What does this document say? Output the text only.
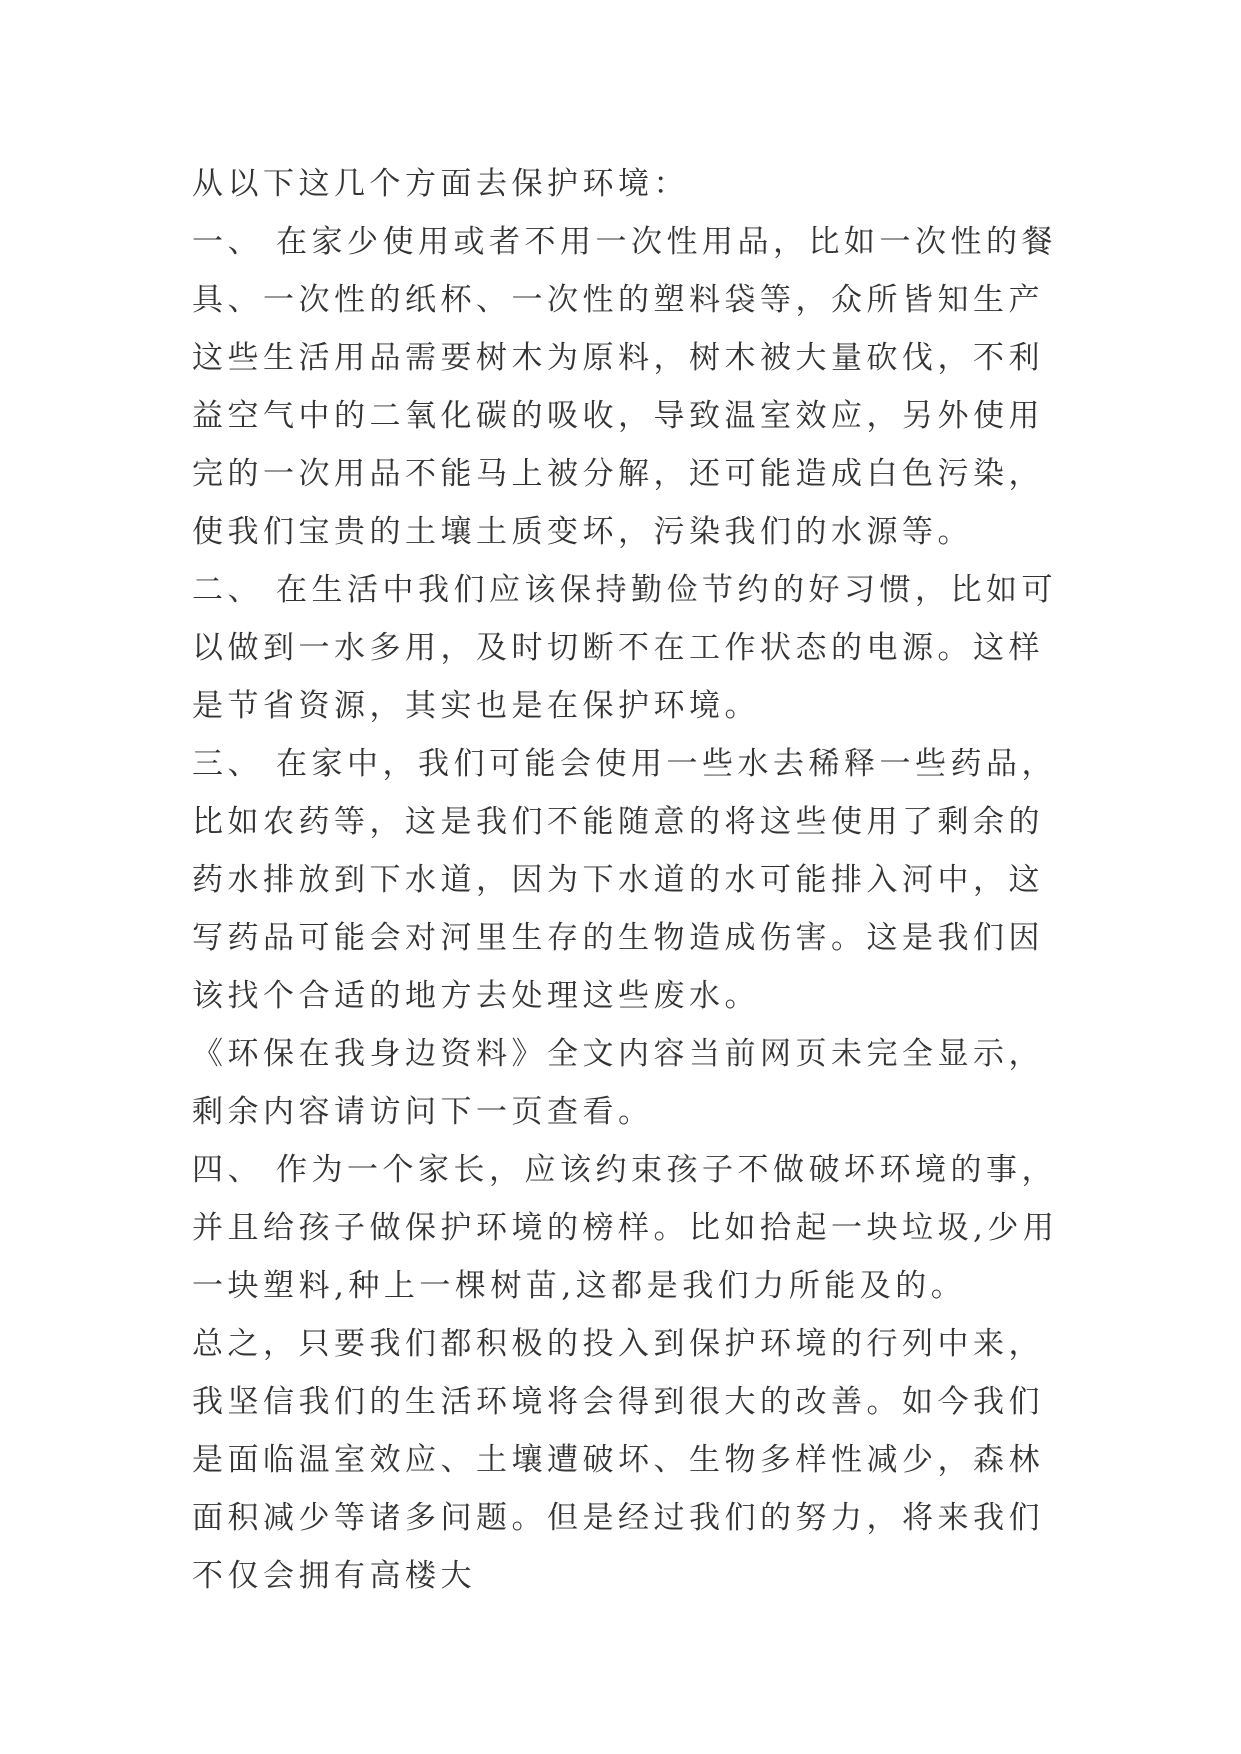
从以下这几个方面去保护环境：

一、 在家少使用或者不用一次性用品，比如一次性的餐具、一次性的纸杯、一次性的塑料袋等，众所皆知生产这些生活用品需要树木为原料，树木被大量砍伐，不利益空气中的二氧化碳的吸收，导致温室效应，另外使用完的一次用品不能马上被分解，还可能造成白色污染，使我们宝贵的土壤土质变坏，污染我们的水源等。

二、 在生活中我们应该保持勤俭节约的好习惯，比如可以做到一水多用，及时切断不在工作状态的电源。这样是节省资源，其实也是在保护环境。

三、 在家中，我们可能会使用一些水去稀释一些药品，比如农药等，这是我们不能随意的将这些使用了剩余的药水排放到下水道，因为下水道的水可能排入河中，这写药品可能会对河里生存的生物造成伤害。这是我们因该找个合适的地方去处理这些废水。

《环保在我身边资料》全文内容当前网页未完全显示，剩余内容请访问下一页查看。

四、 作为一个家长，应该约束孩子不做破坏环境的事，并且给孩子做保护环境的榜样。比如拾起一块垃圾,少用一块塑料,种上一棵树苗,这都是我们力所能及的。

总之，只要我们都积极的投入到保护环境的行列中来，我坚信我们的生活环境将会得到很大的改善。如今我们是面临温室效应、土壤遭破坏、生物多样性减少，森林面积减少等诸多问题。但是经过我们的努力，将来我们不仅会拥有高楼大
